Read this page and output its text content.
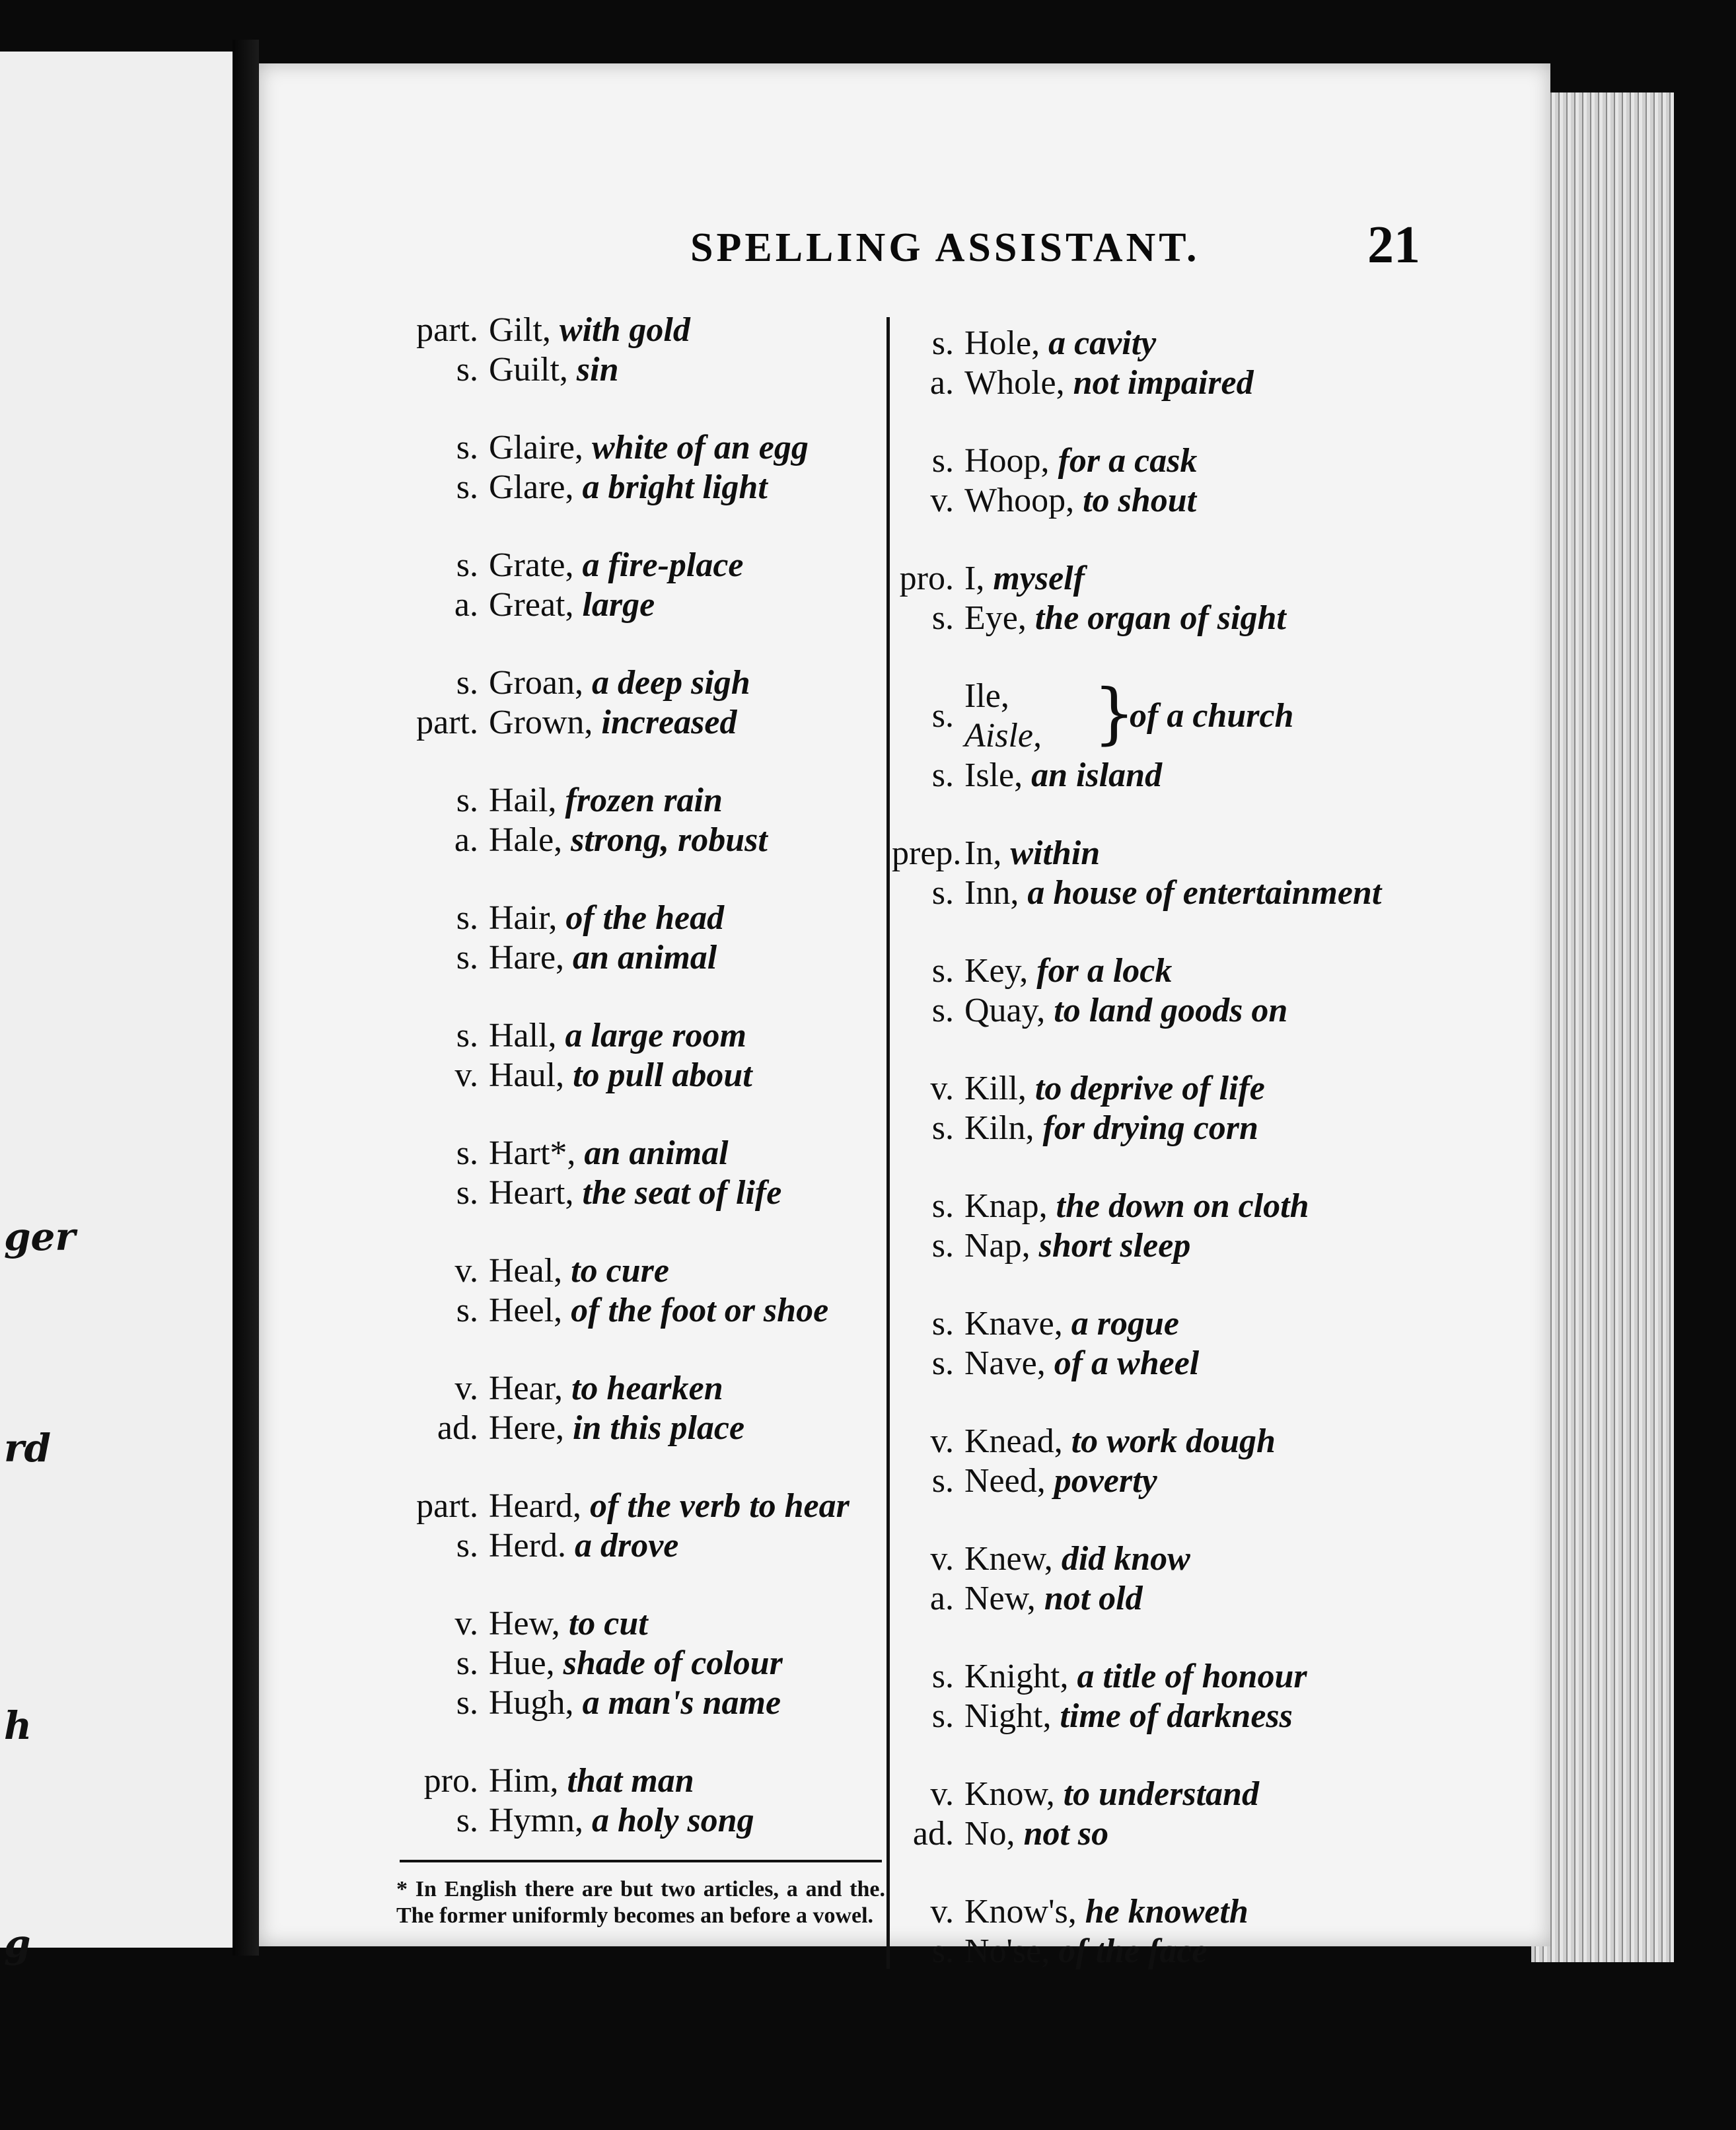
ger
rd
h
g
SPELLING ASSISTANT.	21
part. Gilt, with gold
s. Guilt, sin
s. Glaire, white of an egg
s. Glare, a bright light
s. Grate, a fire-place
a. Great, large
s. Groan, a deep sigh
part. Grown, increased
s. Hail, frozen rain
a. Hale, strong, robust
s. Hair, of the head
s. Hare, an animal
s. Hall, a large room
v. Haul, to pull about
s. Hart*, an animal
s. Heart, the seat of life
v. Heal, to cure
s. Heel, of the foot or shoe
v. Hear, to hearken
ad. Here, in this place
part. Heard, of the verb to hear
s. Herd. a drove
v. Hew, to cut
s. Hue, shade of colour
s. Hugh, a man's name
pro. Him, that man
s. Hymn, a holy song
s. Hole, a cavity
a. Whole, not impaired
s. Hoop, for a cask
v. Whoop, to shout
pro. I, myself
s. Eye, the organ of sight
s.
Ile,
Aisle, }
of a church
s. Isle, an island
prep.In, within
s. Inn, a house of entertainment
s. Key, for a lock
s. Quay, to land goods on
v. Kill, to deprive of life
s. Kiln, for drying corn
s. Knap, the down on cloth
s. Nap, short sleep
s. Knave, a rogue
s. Nave, of a wheel
v. Knead, to work dough
s. Need, poverty
v. Knew, did know
a. New, not old
s. Knight, a title of honour
s. Night, time of darkness
v. Know, to understand
ad. No, not so
v. Know's, he knoweth
s. No'se, of the face
* In English there are but two articles, a and the. The former uniformly becomes an before a vowel.
